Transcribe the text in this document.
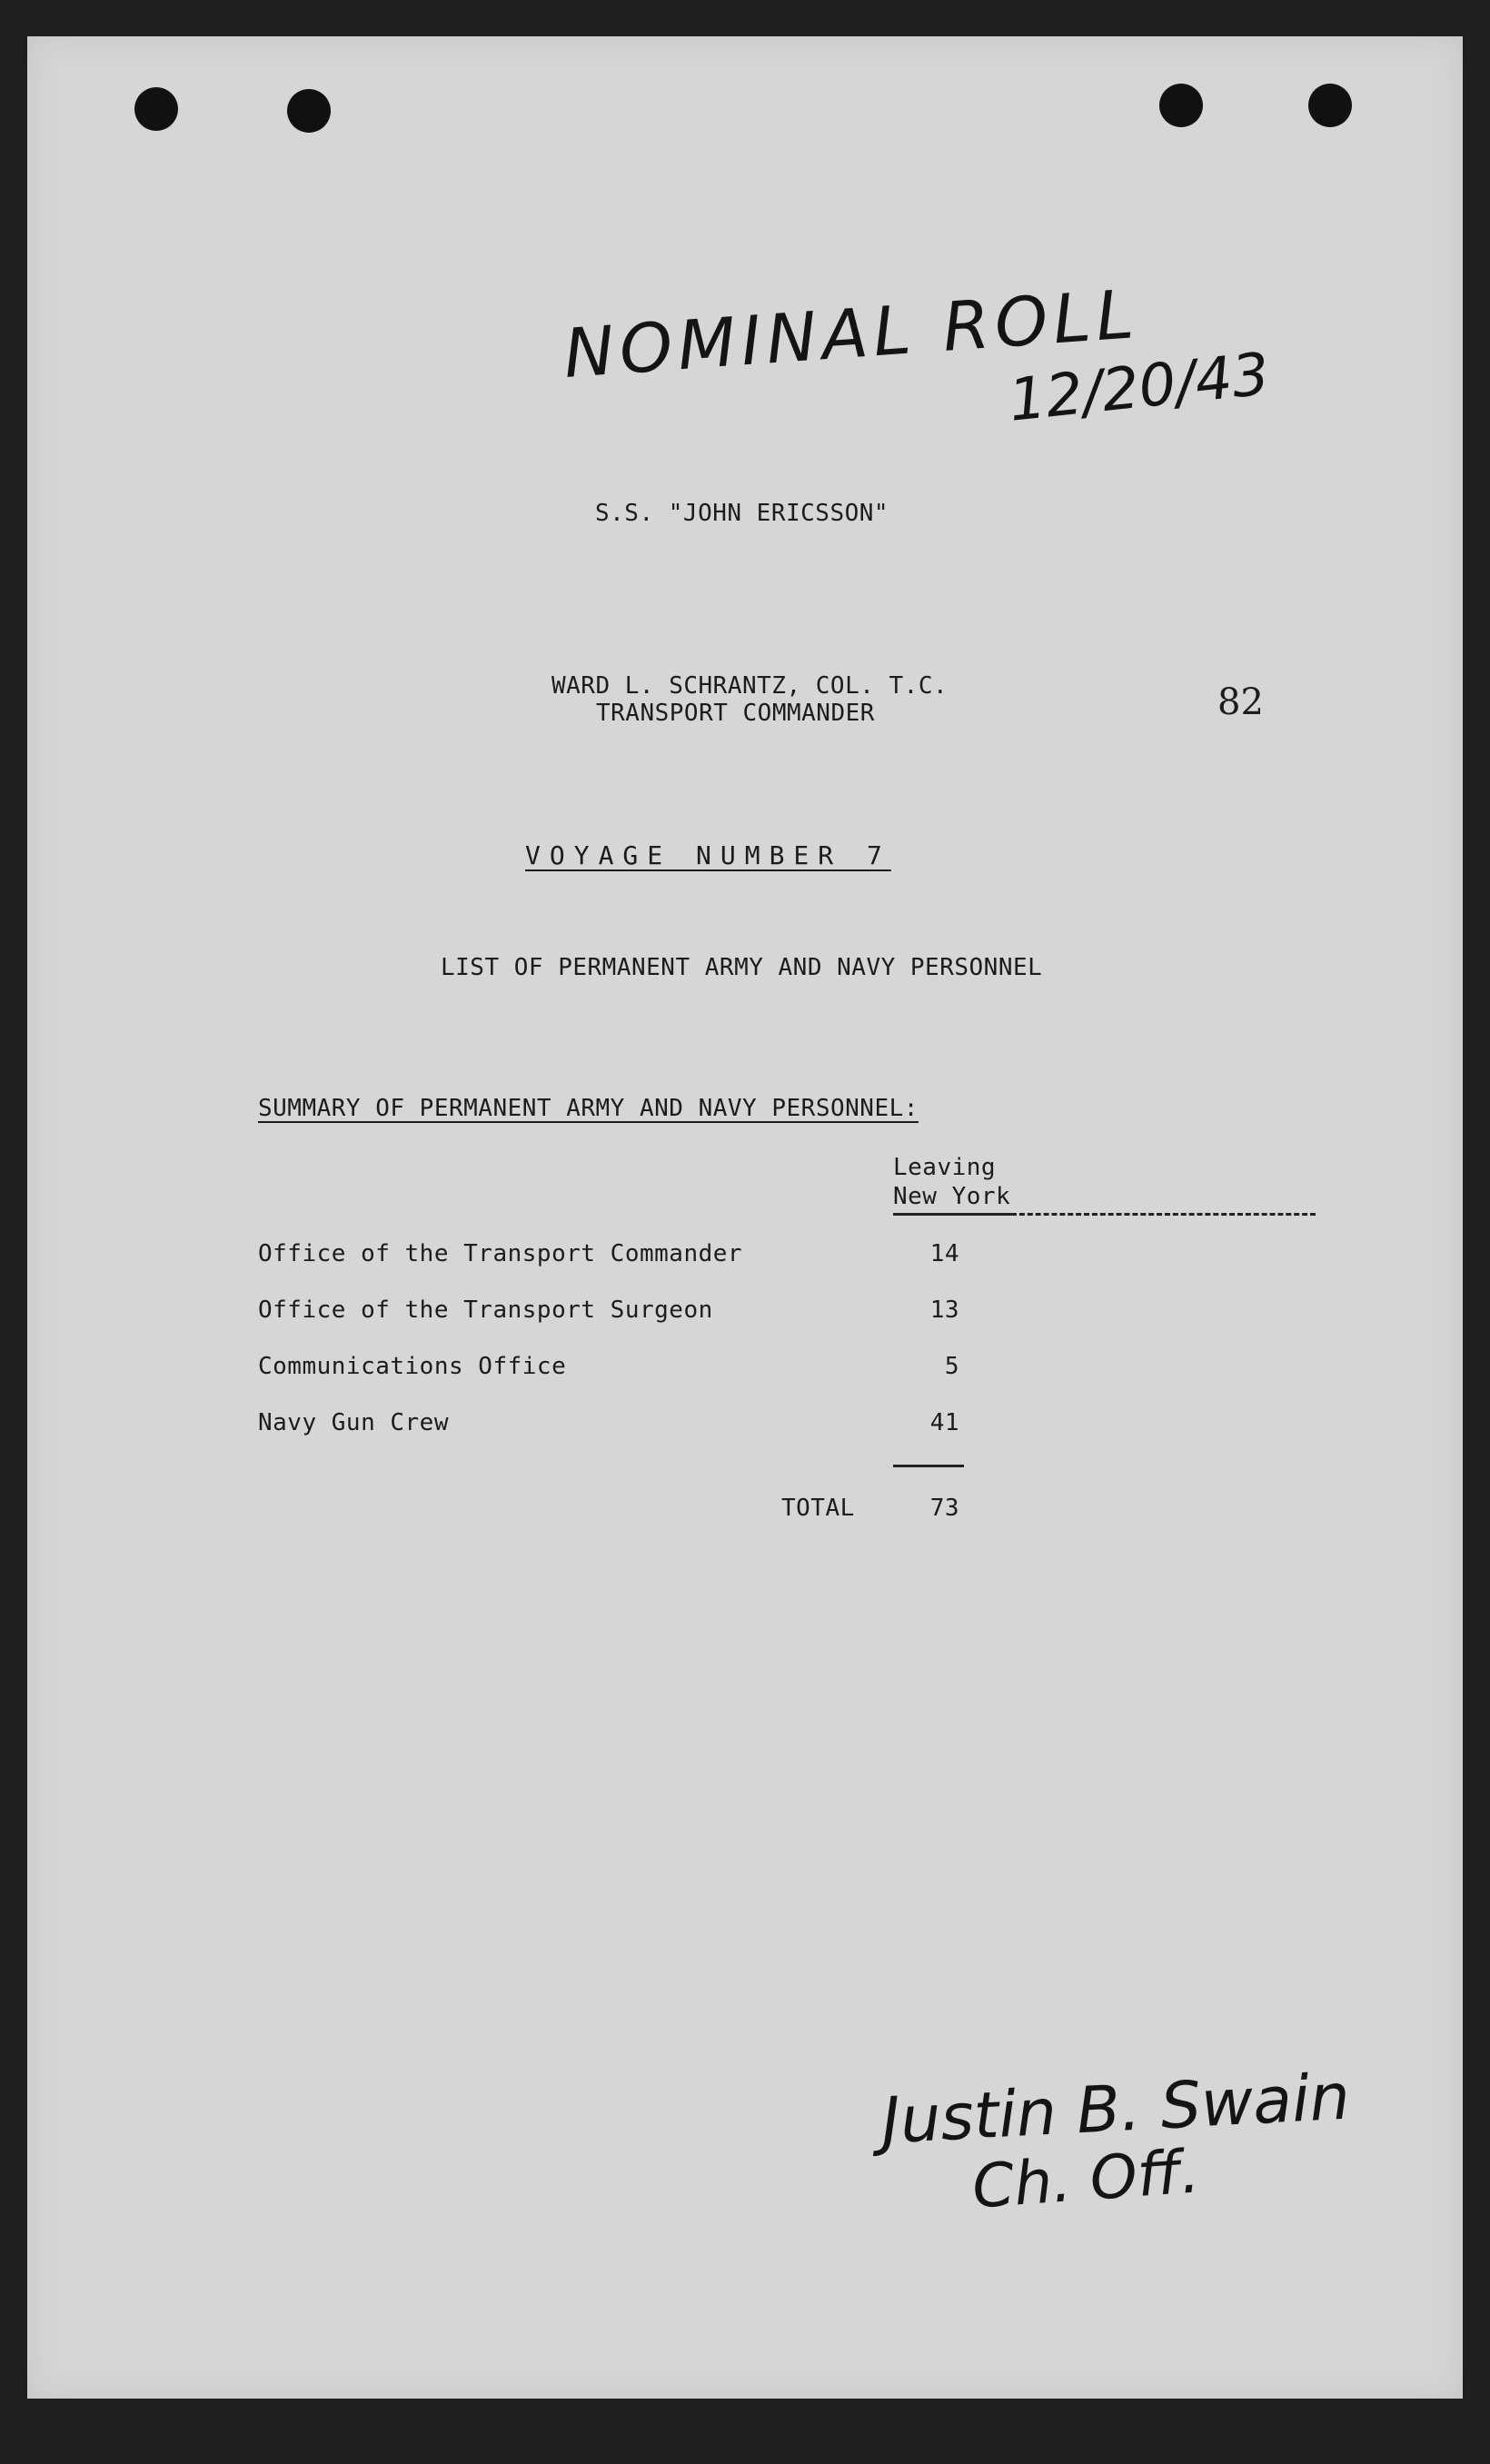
NOMINAL ROLL
12/20/43
S.S. "JOHN ERICSSON"
WARD L. SCHRANTZ, COL. T.C.
TRANSPORT COMMANDER	82
VOYAGE NUMBER 7
LIST OF PERMANENT ARMY AND NAVY PERSONNEL
SUMMARY OF PERMANENT ARMY AND NAVY PERSONNEL:
Leaving
New York
Office of the Transport Commander	14
Office of the Transport Surgeon	13
Communications Office	5
Navy Gun Crew	41
TOTAL	73
Justin B. Swain
Ch. Off.
